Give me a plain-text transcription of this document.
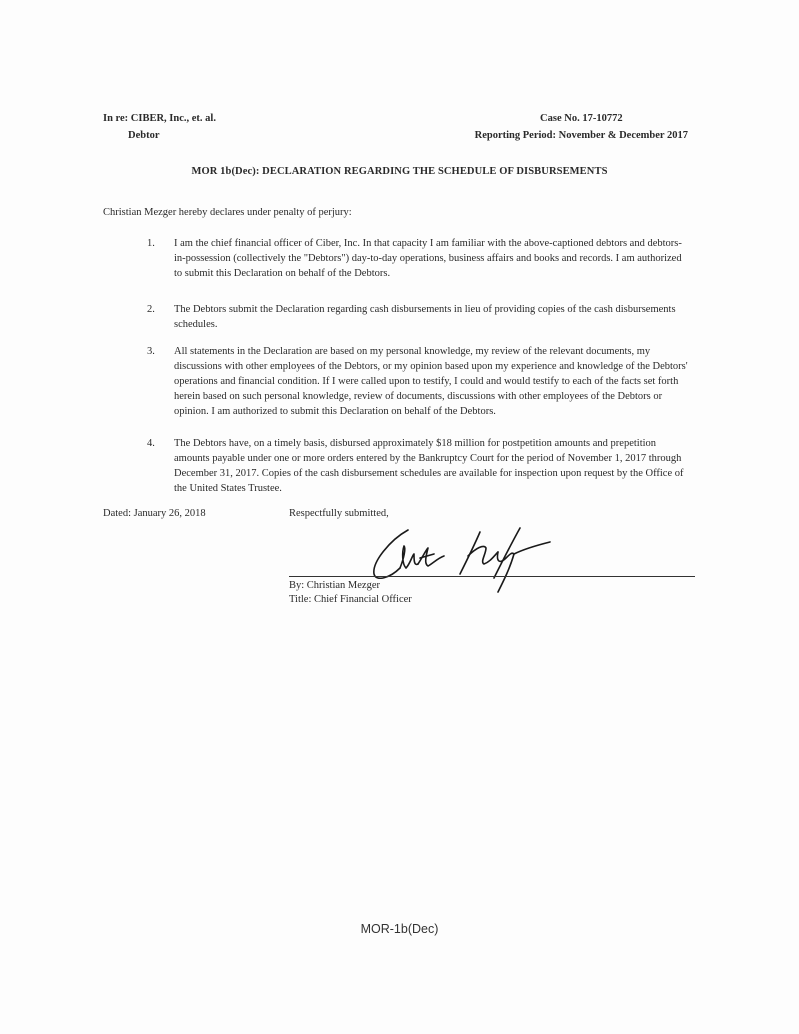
In re: CIBER, Inc., et. al.
Debtor
Case No. 17-10772
Reporting Period: November & December 2017
MOR 1b(Dec): DECLARATION REGARDING THE SCHEDULE OF DISBURSEMENTS
Christian Mezger hereby declares under penalty of perjury:
1. I am the chief financial officer of Ciber, Inc. In that capacity I am familiar with the above-captioned debtors and debtors-in-possession (collectively the "Debtors") day-to-day operations, business affairs and books and records. I am authorized to submit this Declaration on behalf of the Debtors.
2. The Debtors submit the Declaration regarding cash disbursements in lieu of providing copies of the cash disbursements schedules.
3. All statements in the Declaration are based on my personal knowledge, my review of the relevant documents, my discussions with other employees of the Debtors, or my opinion based upon my experience and knowledge of the Debtors' operations and financial condition. If I were called upon to testify, I could and would testify to each of the facts set forth herein based on such personal knowledge, review of documents, discussions with other employees of the Debtors or opinion. I am authorized to submit this Declaration on behalf of the Debtors.
4. The Debtors have, on a timely basis, disbursed approximately $18 million for postpetition amounts and prepetition amounts payable under one or more orders entered by the Bankruptcy Court for the period of November 1, 2017 through December 31, 2017. Copies of the cash disbursement schedules are available for inspection upon request by the Office of the United States Trustee.
Dated: January 26, 2018	Respectfully submitted,
By: Christian Mezger
Title: Chief Financial Officer
MOR-1b(Dec)
